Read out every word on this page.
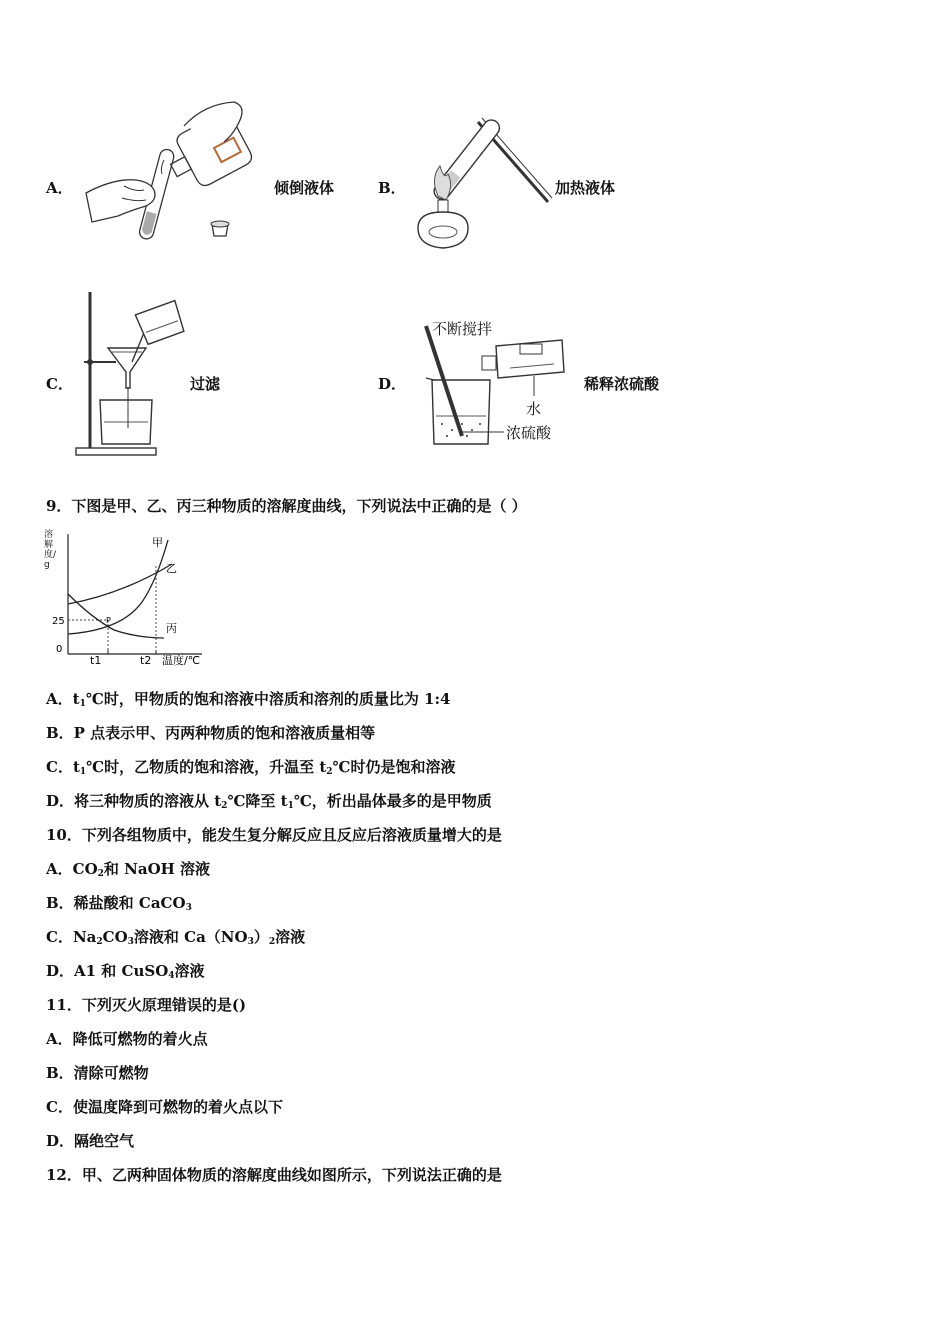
A．	倾倒液体	B．	加热液体
C．	过滤	D．
不断搅拌
水
浓硫酸
稀释浓硫酸
9．下图是甲、乙、丙三种物质的溶解度曲线，下列说法中正确的是（ ）
25
0
t1	t2 温度/℃
P
甲
乙
丙
溶解度/g
A．$t_1℃$时，甲物质的饱和溶液中溶质和溶剂的质量比为 1:4
B．P 点表示甲、丙两种物质的饱和溶液质量相等
C．$t_1℃$时，乙物质的饱和溶液，升温至 $t_2℃$时仍是饱和溶液
D．将三种物质的溶液从 $t_2℃$降至 $t_1℃$，析出晶体最多的是甲物质
10．下列各组物质中，能发生复分解反应且反应后溶液质量增大的是
A．$CO_2$和 NaOH 溶液
B．稀盐酸和 CaCO$_3$
C．$Na_2CO_3$溶液和 $Ca(NO_3)_2$溶液
D．A1 和 CuSO$_4$溶液
11．下列灭火原理错误的是()
A．降低可燃物的着火点
B．清除可燃物
C．使温度降到可燃物的着火点以下
D．隔绝空气
12．甲、乙两种固体物质的溶解度曲线如图所示，下列说法正确的是
